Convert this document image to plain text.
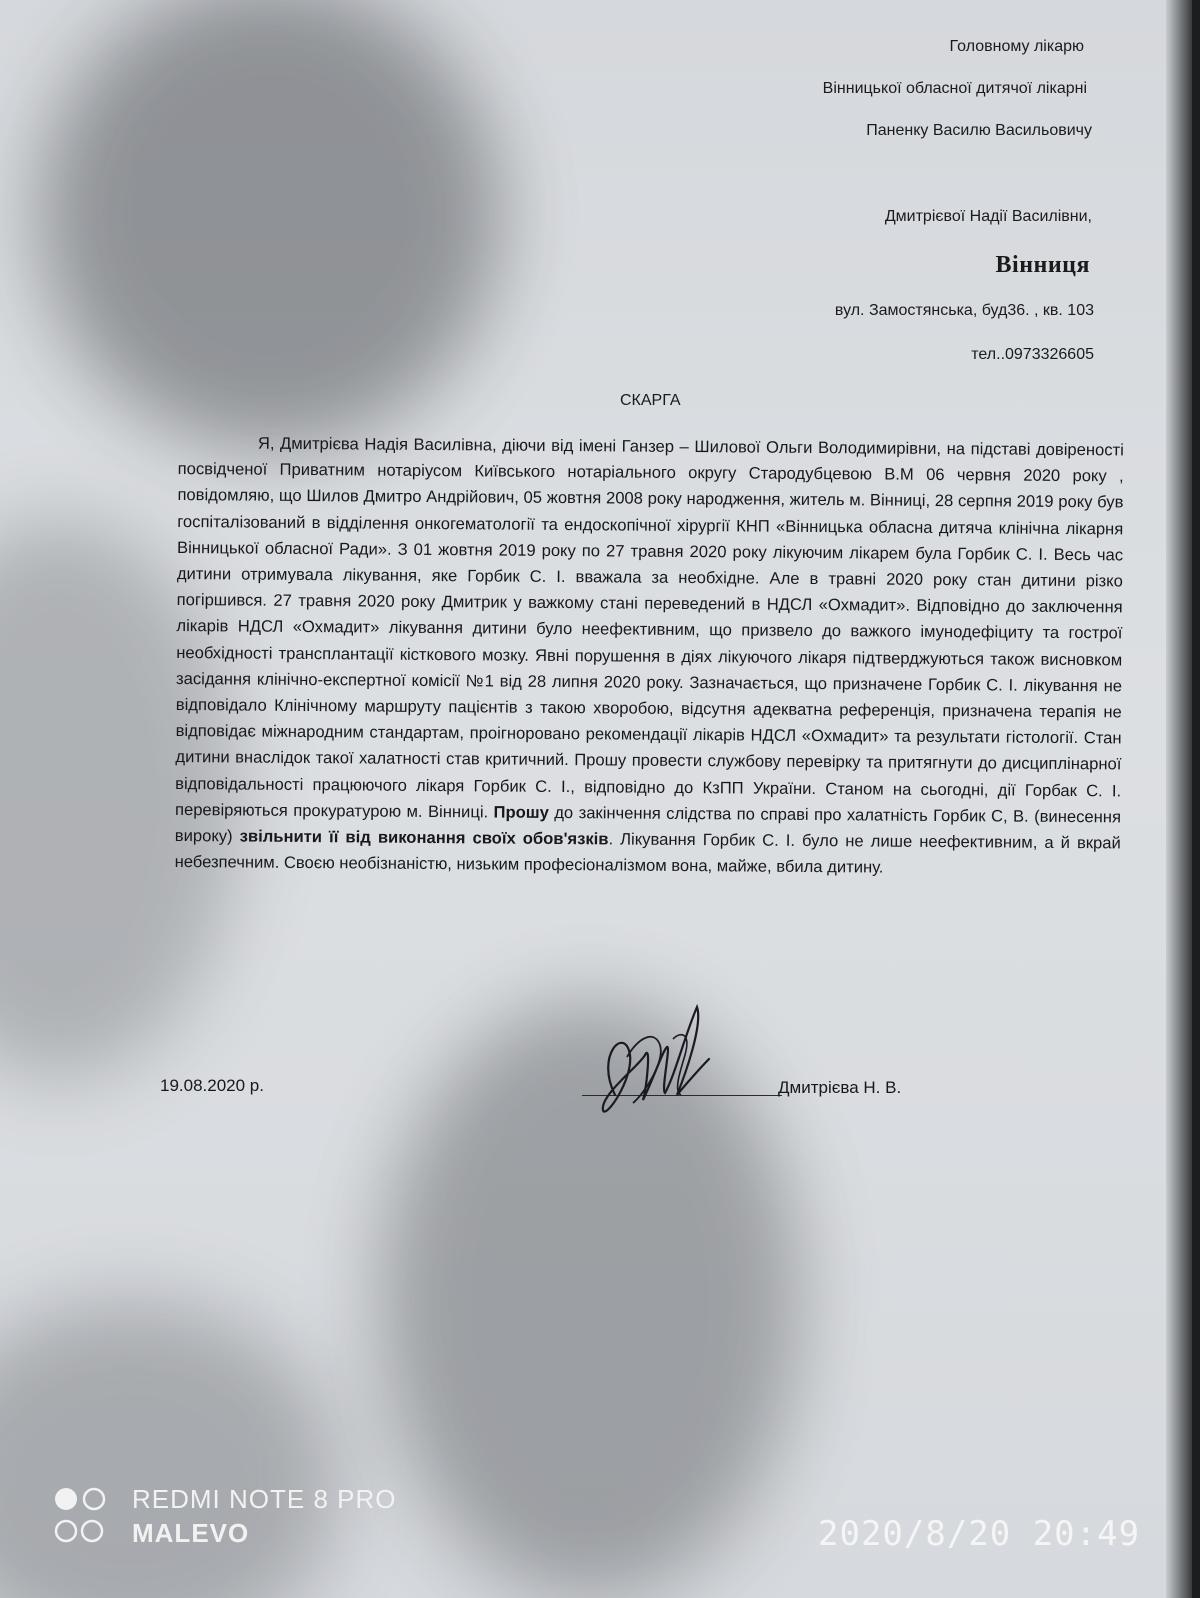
Головному лікарю
Вінницької обласної дитячої лікарні
Паненку Василю Васильовичу
Дмитрієвої Надії Василівни,
Вінниця
вул. Замостянська, буд36. , кв. 103
тел..0973326605
СКАРГА

Я, Дмитрієва Надія Василівна, діючи від імені Ганзер – Шилової Ольги Володимирівни, на підставі довіреності посвідченої Приватним нотаріусом Київського нотаріального округу Стародубцевою В.М 06 червня 2020 року , повідомляю, що Шилов Дмитро Андрійович, 05 жовтня 2008 року народження, житель м. Вінниці, 28 серпня 2019 року був госпіталізований в відділення онкогематології та ендоскопічної хірургії КНП «Вінницька обласна дитяча клінічна лікарня Вінницької обласної Ради». З 01 жовтня 2019 року по 27 травня 2020 року лікуючим лікарем була Горбик С. І. Весь час дитини отримувала лікування, яке Горбик С. І. вважала за необхідне. Але в травні 2020 року стан дитини різко погіршився. 27 травня 2020 року Дмитрик у важкому стані переведений в НДСЛ «Охмадит». Відповідно до заключення лікарів НДСЛ «Охмадит» лікування дитини було неефективним, що призвело до важкого імунодефіциту та гострої необхідності трансплантації кісткового мозку. Явні порушення в діях лікуючого лікаря підтверджуються також висновком засідання клінічно-експертної комісії №1 від 28 липня 2020 року. Зазначається, що призначене Горбик С. І. лікування не відповідало Клінічному маршруту пацієнтів з такою хворобою, відсутня адекватна референція, призначена терапія не відповідає міжнародним стандартам, проігноровано рекомендації лікарів НДСЛ «Охмадит» та результати гістології. Стан дитини внаслідок такої халатності став критичний. Прошу провести службову перевірку та притягнути до дисциплінарної відповідальності працюючого лікаря Горбик С. І., відповідно до КзПП України. Станом на сьогодні, дії Горбак С. І. перевіряються прокуратурою м. Вінниці. Прошу до закінчення слідства по справі про халатність Горбик С, В. (винесення вироку) звільнити її від виконання своїх обов'язків. Лікування Горбик С. І. було не лише неефективним, а й вкрай небезпечним. Своєю необізнаністю, низьким професіоналізмом вона, майже, вбила дитину.

19.08.2020 р.	Дмитрієва Н. В.
REDMI NOTE 8 PRO
MALEVO	2020/8/20 20:49
